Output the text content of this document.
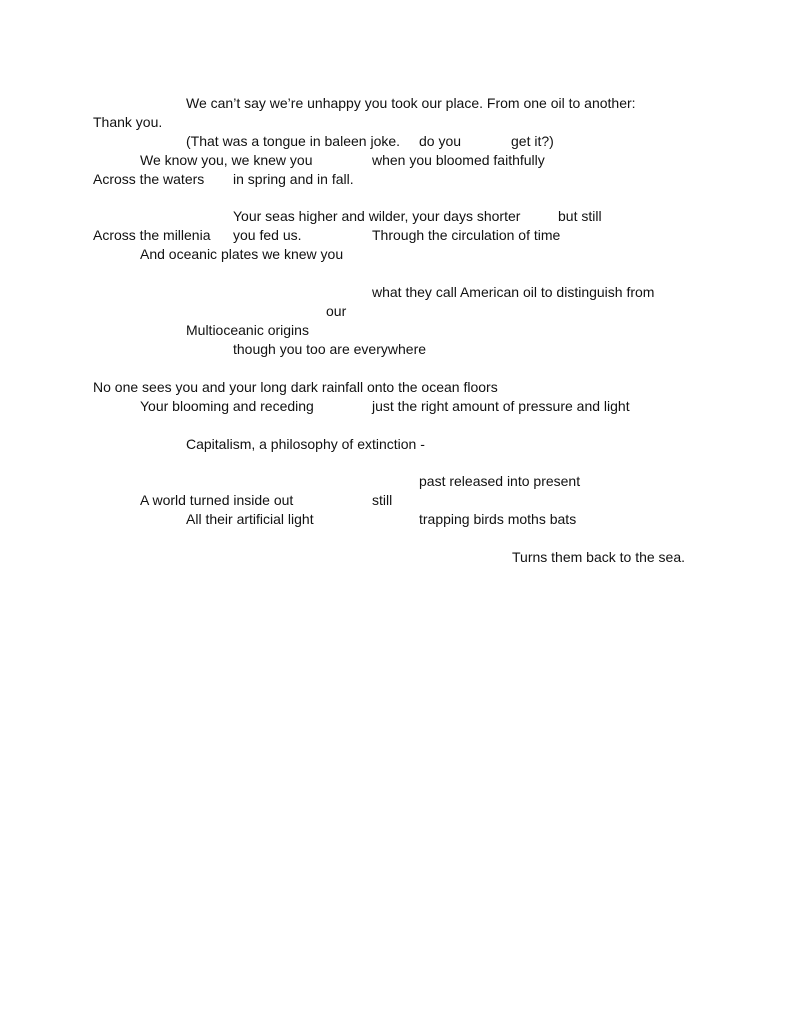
We can’t say we’re unhappy you took our place. From one oil to another:
Thank you.
(That was a tongue in baleen joke. do you	get it?)
We know you, we knew you	when you bloomed faithfully
Across the waters in spring and in fall.
Your seas higher and wilder, your days shorter	but still
Across the millenia you fed us.	Through the circulation of time
And oceanic plates we knew you
what they call American oil to distinguish from
our
Multioceanic origins
though you too are everywhere
No one sees you and your long dark rainfall onto the ocean floors
Your blooming and receding	just the right amount of pressure and light
Capitalism, a philosophy of extinction -
past released into present
A world turned inside out	still
All their artificial light	trapping birds moths bats
Turns them back to the sea.
